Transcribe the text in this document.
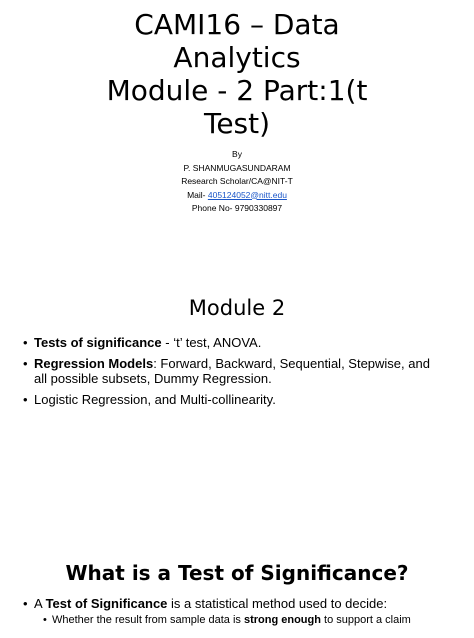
CAMI16 – Data
Analytics
Module - 2 Part:1(t
Test)
By
P. SHANMUGASUNDARAM
Research Scholar/CA@NIT-T
Mail- 405124052@nitt.edu
Phone No- 9790330897
Module 2
• Tests of significance - ‘t’ test, ANOVA.
• Regression Models: Forward, Backward, Sequential, Stepwise, and all possible subsets, Dummy Regression.
• Logistic Regression, and Multi-collinearity.
What is a Test of Significance?
• A Test of Significance is a statistical method used to decide:
• Whether the result from sample data is strong enough to support a claim
